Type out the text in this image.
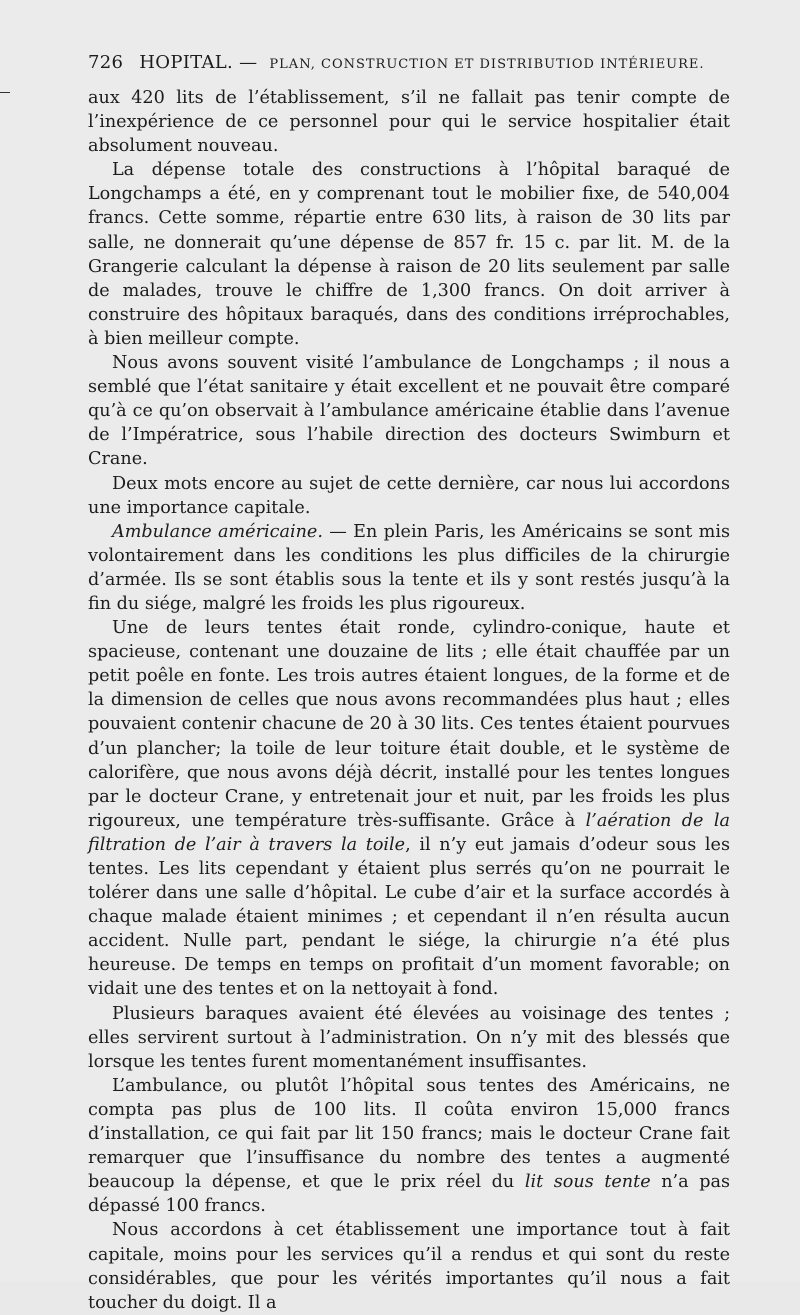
726 HOPITAL. — PLAN, CONSTRUCTION ET DISTRIBUTIOD INTÉRIEURE.

aux 420 lits de l’établissement, s’il ne fallait pas tenir compte de l’inexpérience de ce personnel pour qui le service hospitalier était absolument nouveau.

La dépense totale des constructions à l’hôpital baraqué de Longchamps a été, en y comprenant tout le mobilier fixe, de 540,004 francs. Cette somme, répartie entre 630 lits, à raison de 30 lits par salle, ne donnerait qu’une dépense de 857 fr. 15 c. par lit. M. de la Grangerie calculant la dépense à raison de 20 lits seulement par salle de malades, trouve le chiffre de 1,300 francs. On doit arriver à construire des hôpitaux baraqués, dans des conditions irréprochables, à bien meilleur compte.

Nous avons souvent visité l’ambulance de Longchamps ; il nous a semblé que l’état sanitaire y était excellent et ne pouvait être comparé qu’à ce qu’on observait à l’ambulance américaine établie dans l’avenue de l’Impératrice, sous l’habile direction des docteurs Swimburn et Crane.

Deux mots encore au sujet de cette dernière, car nous lui accordons une importance capitale.

Ambulance américaine. — En plein Paris, les Américains se sont mis volontairement dans les conditions les plus difficiles de la chirurgie d’armée. Ils se sont établis sous la tente et ils y sont restés jusqu’à la fin du siége, malgré les froids les plus rigoureux.

Une de leurs tentes était ronde, cylindro-conique, haute et spacieuse, contenant une douzaine de lits ; elle était chauffée par un petit poêle en fonte. Les trois autres étaient longues, de la forme et de la dimension de celles que nous avons recommandées plus haut ; elles pouvaient contenir chacune de 20 à 30 lits. Ces tentes étaient pourvues d’un plancher; la toile de leur toiture était double, et le système de calorifère, que nous avons déjà décrit, installé pour les tentes longues par le docteur Crane, y entretenait jour et nuit, par les froids les plus rigoureux, une température très-suffisante. Grâce à l’aération de la filtration de l’air à travers la toile, il n’y eut jamais d’odeur sous les tentes. Les lits cependant y étaient plus serrés qu’on ne pourrait le tolérer dans une salle d’hôpital. Le cube d’air et la surface accordés à chaque malade étaient minimes ; et cependant il n’en résulta aucun accident. Nulle part, pendant le siége, la chirurgie n’a été plus heureuse. De temps en temps on profitait d’un moment favorable; on vidait une des tentes et on la nettoyait à fond.

Plusieurs baraques avaient été élevées au voisinage des tentes ; elles servirent surtout à l’administration. On n’y mit des blessés que lorsque les tentes furent momentanément insuffisantes.

L’ambulance, ou plutôt l’hôpital sous tentes des Américains, ne compta pas plus de 100 lits. Il coûta environ 15,000 francs d’installation, ce qui fait par lit 150 francs; mais le docteur Crane fait remarquer que l’insuffisance du nombre des tentes a augmenté beaucoup la dépense, et que le prix réel du lit sous tente n’a pas dépassé 100 francs.

Nous accordons à cet établissement une importance tout à fait capitale, moins pour les services qu’il a rendus et qui sont du reste considérables, que pour les vérités importantes qu’il nous a fait toucher du doigt. Il a
